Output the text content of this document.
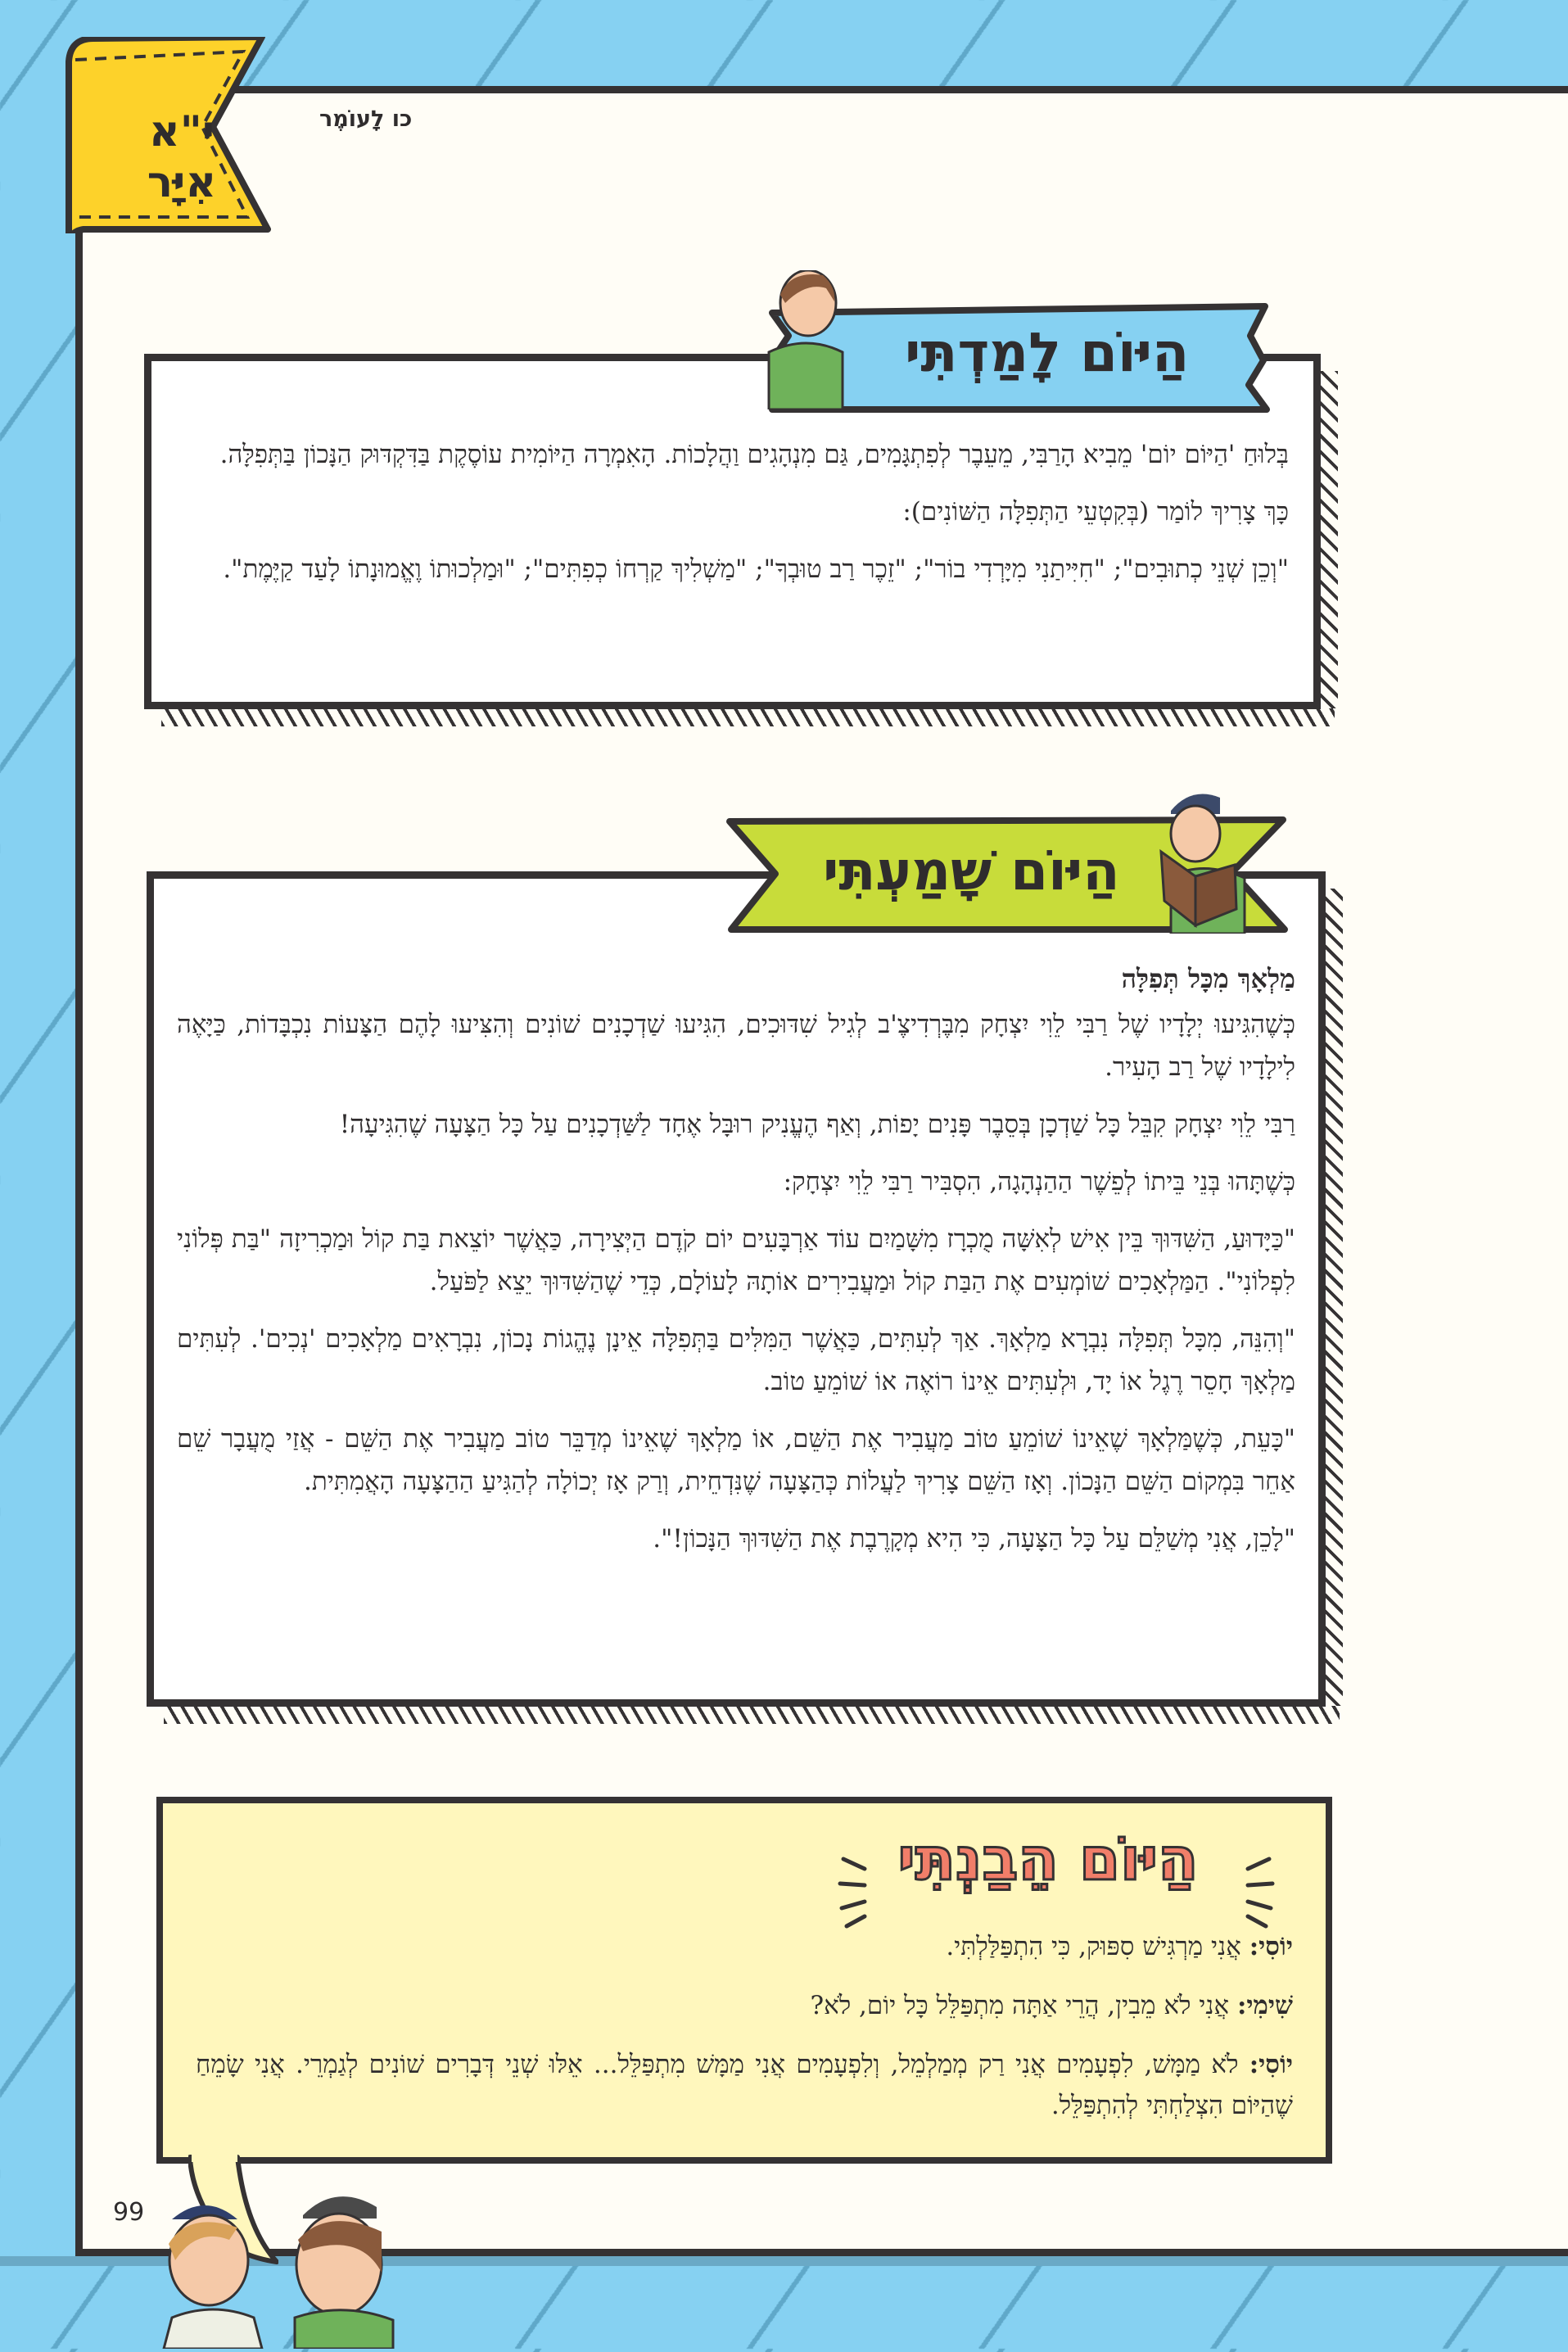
י"א
אִיָּר
כו לָעוֹמֶר

בְּלוּחַ 'הַיּוֹם יוֹם' מֵבִיא הָרַבִּי, מֵעֵבֶר לְפִתְגָּמִים, גַּם מִנְהָגִים וַהֲלָכוֹת. הָאִמְרָה הַיּוֹמִית עוֹסֶקֶת בַּדִּקְדּוּק הַנָּכוֹן בַּתְּפִלָּה.

כָּךְ צָרִיךְ לוֹמַר (בְּקִטְעֵי הַתְּפִלָּה הַשּׁוֹנִים):

"וְכֵן שְׁנֵי כְתוּבִים"; "חִיִּיתַנִי מִיָּרְדִי בוֹר"; "זֵכֶר רַב טוּבְךָ"; "מַשְׁלִיךְ קַרְחוֹ כְפִתִּים"; "וּמַלְכוּתוֹ וֶאֱמוּנָתוֹ לָעַד קַיֶּמֶת".

הַיּוֹם לָמַדְתִּי

מַלְאָךְ מִכָּל תְּפִלָּה

כְּשֶׁהִגִּיעוּ יְלָדָיו שֶׁל רַבִּי לֵוִי יִצְחָק מִבֶּרְדִיצֶ'ב לְגִיל שִׁדּוּכִים, הִגִּיעוּ שַׁדְכָנִים שׁוֹנִים וְהִצִּיעוּ לָהֶם הַצָּעוֹת נִכְבָּדוֹת, כַּיָּאֶה לִילָדָיו שֶׁל רַב הָעִיר.

רַבִּי לֵוִי יִצְחָק קִבֵּל כָּל שַׁדְכָן בְּסֵבֶר פָּנִים יָפוֹת, וְאַף הֶעֱנִיק רוּבָּל אֶחָד לַשַּׁדְכָנִים עַל כָּל הַצָּעָה שֶׁהִגִּיעָה!

כְּשֶׁתָּהוּ בְּנֵי בֵּיתוֹ לְפֵשֶׁר הַהַנְהָגָה, הִסְבִּיר רַבִּי לֵוִי יִצְחָק:

"כַּיָּדוּעַ, הַשִּׁדּוּךְ בֵּין אִישׁ לְאִשָּׁה מֻכְרָז מִשָּׁמַיִם עוֹד אַרְבָּעִים יוֹם קֹדֶם הַיְּצִירָה, כַּאֲשֶׁר יוֹצֵאת בַּת קוֹל וּמַכְרִיזָה "בַּת פְּלוֹנִי לִפְלוֹנִי". הַמַּלְאָכִים שׁוֹמְעִים אֶת הַבַּת קוֹל וּמַעֲבִירִים אוֹתָהּ לָעוֹלָם, כְּדֵי שֶׁהַשִּׁדּוּךְ יֵצֵא לַפֹּעַל.

"וְהִנֵּה, מִכָּל תְּפִלָּה נִבְרָא מַלְאָךְ. אַךְ לְעִתִּים, כַּאֲשֶׁר הַמִּלִּים בַּתְּפִלָּה אֵינָן נֶהֱגוֹת נָכוֹן, נִבְרָאִים מַלְאָכִים 'נְכִים'. לְעִתִּים מַלְאָךְ חָסֵר רֶגֶל אוֹ יָד, וּלְעִתִּים אֵינוֹ רוֹאֶה אוֹ שׁוֹמֵעַ טוֹב.

"כָּעֵת, כְּשֶׁמַּלְאָךְ שֶׁאֵינוֹ שׁוֹמֵעַ טוֹב מַעֲבִיר אֶת הַשֵּׁם, אוֹ מַלְאָךְ שֶׁאֵינוֹ מְדַבֵּר טוֹב מַעֲבִיר אֶת הַשֵּׁם - אֲזַי מֻעֲבָר שֵׁם אַחֵר בִּמְקוֹם הַשֵּׁם הַנָּכוֹן. וְאָז הַשֵּׁם צָרִיךְ לַעֲלוֹת כְּהַצָּעָה שֶׁנִּדְחֵית, וְרַק אָז יְכוֹלָה לְהַגִּיעַ הַהַצָּעָה הָאֲמִתִּית.

"לָכֵן, אֲנִי מְשַׁלֵּם עַל כָּל הַצָּעָה, כִּי הִיא מְקָרֶבֶת אֶת הַשִּׁדּוּךְ הַנָּכוֹן!".

הַיּוֹם שָׁמַעְתִּי

יוֹסִי: אֲנִי מַרְגִּישׁ סִפּוּק, כִּי הִתְפַּלַּלְתִּי.

שִׁימִי: אֲנִי לֹא מֵבִין, הֲרֵי אַתָּה מִתְפַּלֵּל כָּל יוֹם, לֹא?

יוֹסִי: לֹא מַמָּשׁ, לִפְעָמִים אֲנִי רַק מְמַלְמֵל, וְלִפְעָמִים אֲנִי מַמָּשׁ מִתְפַּלֵּל... אֵלּוּ שְׁנֵי דְּבָרִים שׁוֹנִים לְגַמְרֵי. אֲנִי שָׂמֵחַ שֶׁהַיּוֹם הִצְלַחְתִּי לְהִתְפַּלֵּל.

הַיּוֹם הֵבַנְתִּי
99
